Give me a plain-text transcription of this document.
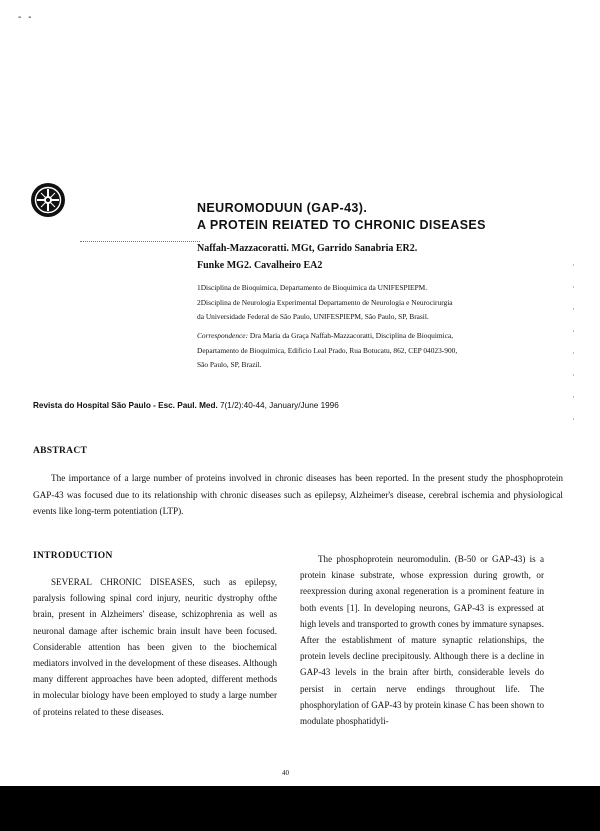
- -
NEUROMODUUN (GAP-43).
A PROTEIN REIATED TO CHRONIC DISEASES
Naffah-Mazzacoratti. MGt, Garrido Sanabria ER2.
Funke MG2. Cavalheiro EA2
1Disciplina de Bioquimica, Departamento de Bioquimica da UNIFESPIEPM.
2Disciplina de Neurologia Experimental Departamento de Neurologia e Neurocirurgia
da Universidade Federal de São Paulo, UNIFESPIEPM, São Paulo, SP, Brasil.
Correspondence: Dra Maria da Graça Naffah-Mazzacoratti, Disciplina de Bioquimica,
Departamento de Bioquimica, Edificio Leal Prado, Rua Botucatu, 862, CEP 04023-900,
São Paulo, SP, Brazil.
Revista do Hospital São Paulo - Esc. Paul. Med. 7(1/2):40-44, January/June 1996
ABSTRACT
The importance of a large number of proteins involved in chronic diseases has been reported. In the present study the phosphoprotein GAP-43 was focused due to its relationship with chronic diseases such as epilepsy, Alzheimer's disease, cerebral ischemia and physiological events like long-term potentiation (LTP).
INTRODUCTION
SEVERAL CHRONIC DISEASES, such as epilepsy, paralysis following spinal cord injury, neuritic dystrophy ofthe brain, present in Alzheimers' disease, schizophrenia as well as neuronal damage after ischemic brain insult have been focused. Considerable attention has been given to the biochemical mediators involved in the development of these diseases. Although many different approaches have been adopted, different methods in molecular biology have been employed to study a large number of proteins related to these diseases.
The phosphoprotein neuromodulin. (B-50 or GAP-43) is a protein kinase substrate, whose expression during growth, or reexpression during axonal regeneration is a prominent feature in both events [1]. In developing neurons, GAP-43 is expressed at high levels and transported to growth cones by immature synapses. After the establishment of mature synaptic relationships, the protein levels decline precipitously. Although there is a decline in GAP-43 levels in the brain after birth, considerable levels do persist in certain nerve endings throughout life. The phosphorylation of GAP-43 by protein kinase C has been shown to modulate phosphatidyli-
40
·
·
·
·
·
·
·
·
